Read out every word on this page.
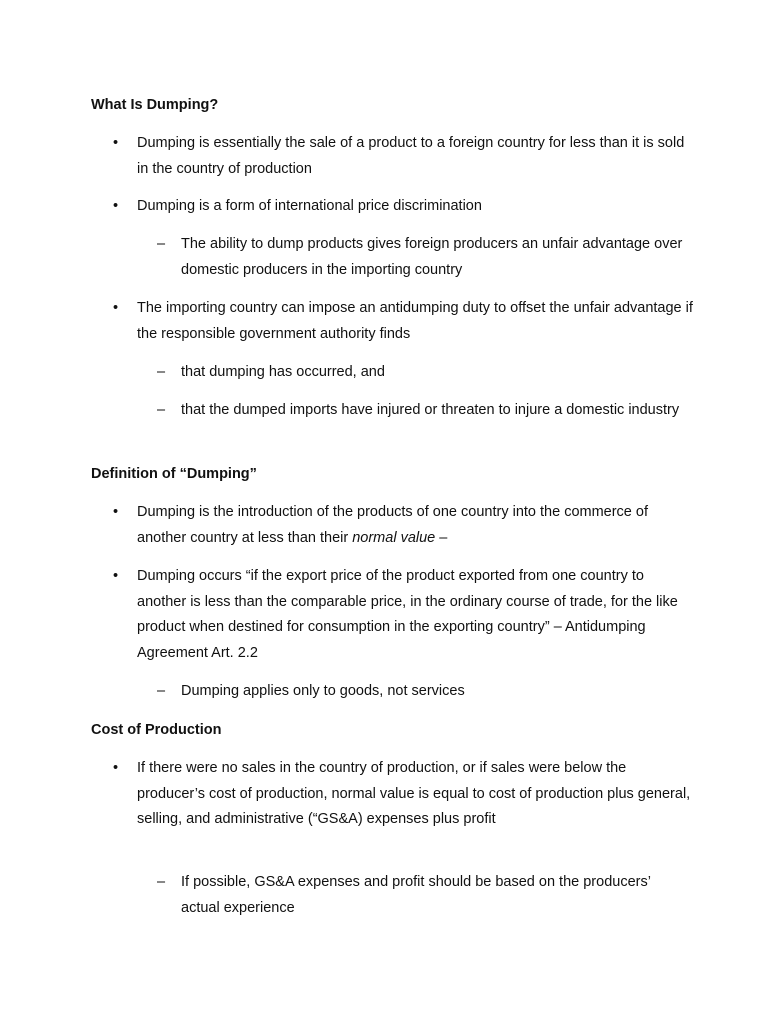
What Is Dumping?
• Dumping is essentially the sale of a product to a foreign country for less than it is sold in the country of production
• Dumping is a form of international price discrimination
– The ability to dump products gives foreign producers an unfair advantage over domestic producers in the importing country
• The importing country can impose an antidumping duty to offset the unfair advantage if the responsible government authority finds
– that dumping has occurred, and
– that the dumped imports have injured or threaten to injure a domestic industry
Definition of “Dumping”
• Dumping is the introduction of the products of one country into the commerce of another country at less than their normal value –
• Dumping occurs “if the export price of the product exported from one country to another is less than the comparable price, in the ordinary course of trade, for the like product when destined for consumption in the exporting country” – Antidumping Agreement Art. 2.2
– Dumping applies only to goods, not services
Cost of Production
• If there were no sales in the country of production, or if sales were below the producer’s cost of production, normal value is equal to cost of production plus general, selling, and administrative (“GS&A) expenses plus profit
– If possible, GS&A expenses and profit should be based on the producers’ actual experience
